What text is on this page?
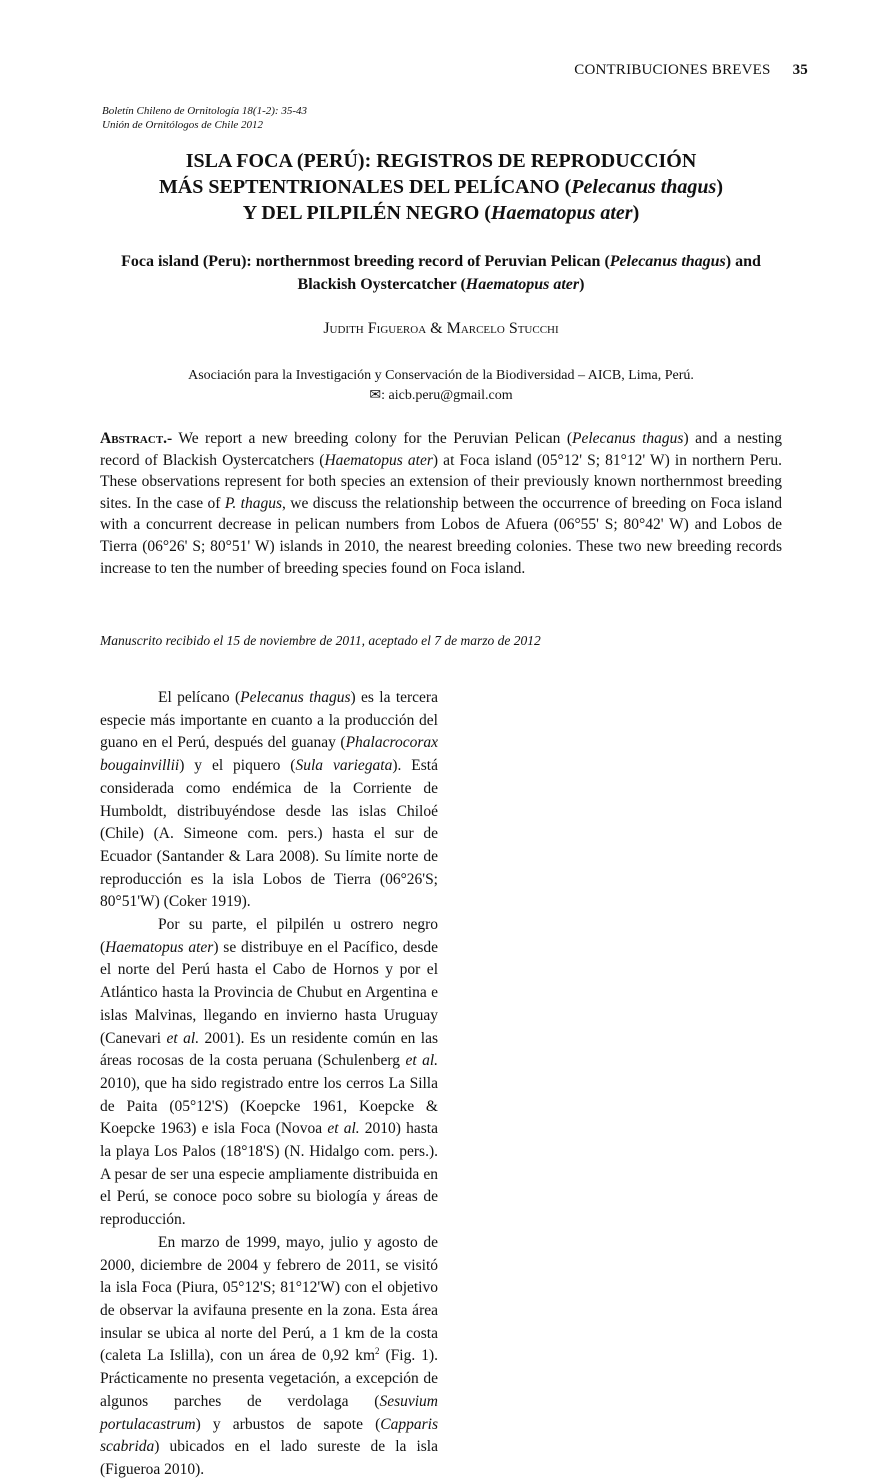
CONTRIBUCIONES BREVES 35
Boletín Chileno de Ornitología 18(1-2): 35-43
Unión de Ornitólogos de Chile 2012
ISLA FOCA (PERÚ): REGISTROS DE REPRODUCCIÓN
MÁS SEPTENTRIONALES DEL PELÍCANO (Pelecanus thagus)
Y DEL PILPILÉN NEGRO (Haematopus ater)
Foca island (Peru): northernmost breeding record of Peruvian Pelican (Pelecanus thagus) and Blackish Oystercatcher (Haematopus ater)
Judith Figueroa & Marcelo Stucchi
Asociación para la Investigación y Conservación de la Biodiversidad – AICB, Lima, Perú.
✉: aicb.peru@gmail.com
Abstract.- We report a new breeding colony for the Peruvian Pelican (Pelecanus thagus) and a nesting record of Blackish Oystercatchers (Haematopus ater) at Foca island (05°12' S; 81°12' W) in northern Peru. These observations represent for both species an extension of their previously known northernmost breeding sites. In the case of P. thagus, we discuss the relationship between the occurrence of breeding on Foca island with a concurrent decrease in pelican numbers from Lobos de Afuera (06°55' S; 80°42' W) and Lobos de Tierra (06°26' S; 80°51' W) islands in 2010, the nearest breeding colonies. These two new breeding records increase to ten the number of breeding species found on Foca island.
Manuscrito recibido el 15 de noviembre de 2011, aceptado el 7 de marzo de 2012

El pelícano (Pelecanus thagus) es la tercera especie más importante en cuanto a la producción del guano en el Perú, después del guanay (Phalacrocorax bougainvillii) y el piquero (Sula variegata). Está considerada como endémica de la Corriente de Humboldt, distribuyéndose desde las islas Chiloé (Chile) (A. Simeone com. pers.) hasta el sur de Ecuador (Santander & Lara 2008). Su límite norte de reproducción es la isla Lobos de Tierra (06°26'S; 80°51'W) (Coker 1919).

Por su parte, el pilpilén u ostrero negro (Haematopus ater) se distribuye en el Pacífico, desde el norte del Perú hasta el Cabo de Hornos y por el Atlántico hasta la Provincia de Chubut en Argentina e islas Malvinas, llegando en invierno hasta Uruguay (Canevari et al. 2001). Es un residente común en las áreas rocosas de la costa peruana (Schulenberg et al. 2010), que ha sido registrado entre los cerros La Silla de Paita (05°12'S) (Koepcke 1961, Koepcke & Koepcke 1963) e isla Foca (Novoa et al. 2010) hasta la playa Los Palos (18°18'S) (N. Hidalgo com. pers.). A pesar de ser una especie ampliamente distribuida en el Perú, se conoce poco sobre su biología y áreas de reproducción.

En marzo de 1999, mayo, julio y agosto de 2000, diciembre de 2004 y febrero de 2011, se visitó la isla Foca (Piura, 05°12'S; 81°12'W) con el objetivo de observar la avifauna presente en la zona. Esta área insular se ubica al norte del Perú, a 1 km de la costa (caleta La Islilla), con un área de 0,92 $km^2$ (Fig. 1). Prácticamente no presenta vegetación, a excepción de algunos parches de verdolaga (Sesuvium portulacastrum) y arbustos de sapote (Capparis scabrida) ubicados en el lado sureste de la isla (Figueroa 2010).
